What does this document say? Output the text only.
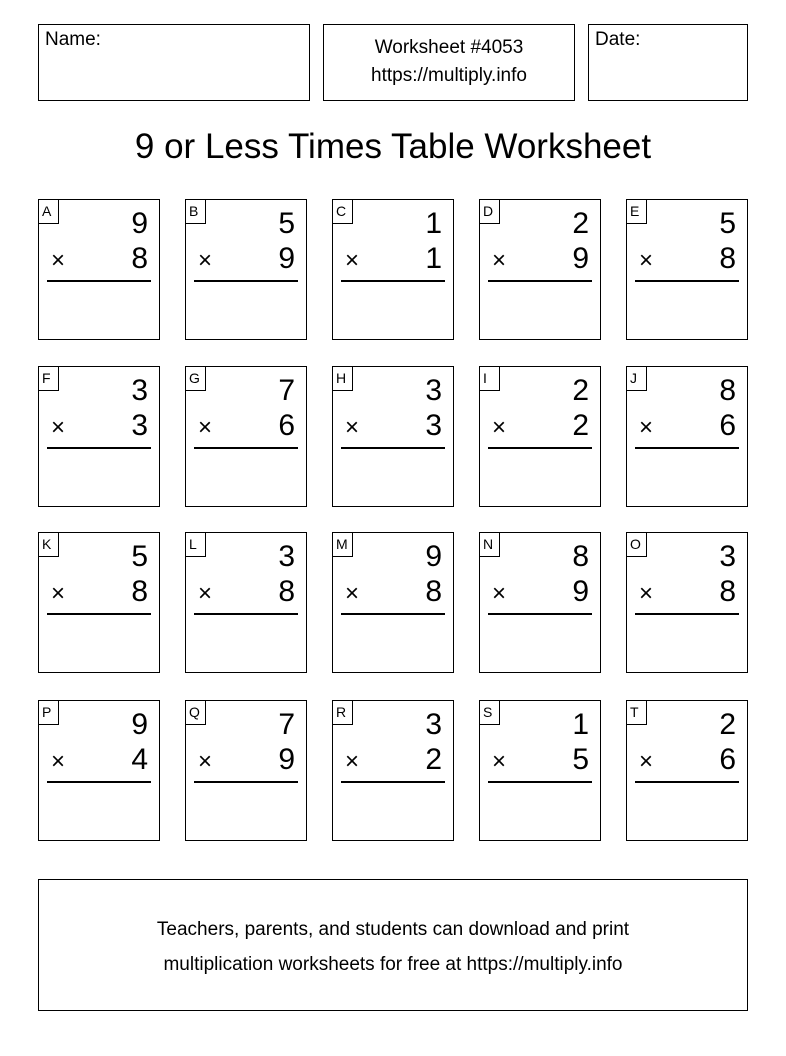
Name:	Worksheet #4053
https://multiply.info
Date:
9 or Less Times Table Worksheet
A	9
× 8
B	5
× 9
C	1
× 1
D	2
× 9
E	5
× 8
F	3
× 3
G	7
× 6
H	3
× 3
I	2
× 2
J	8
× 6
K	5
× 8
L	3
× 8
M	9
× 8
N	8
× 9
O	3
× 8
P	9
× 4
Q	7
× 9
R	3
× 2
S	1
× 5
T	2
× 6
Teachers, parents, and students can download and print
multiplication worksheets for free at https://multiply.info
